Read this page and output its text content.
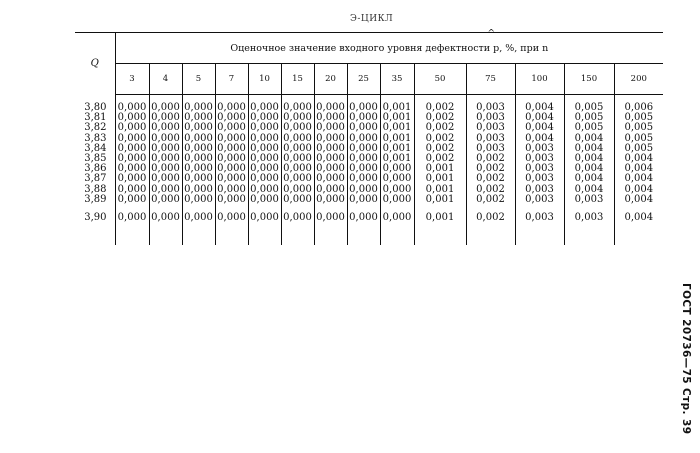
Э-ЦИКЛ
Q	^
Оценочное значение входного уровня дефектности p, %, при n													
	3	4	5	7	10	15	20	25	35	50	75	100	150	200

3,80	0,000	0,000	0,000	0,000	0,000	0,000	0,000	0,000	0,001	0,002	0,003	0,004	0,005	0,006
3,81	0,000	0,000	0,000	0,000	0,000	0,000	0,000	0,000	0,001	0,002	0,003	0,004	0,005	0,005
3,82	0,000	0,000	0,000	0,000	0,000	0,000	0,000	0,000	0,001	0,002	0,003	0,004	0,005	0,005
3,83	0,000	0,000	0,000	0,000	0,000	0,000	0,000	0,000	0,001	0,002	0,003	0,004	0,004	0,005
3,84	0,000	0,000	0,000	0,000	0,000	0,000	0,000	0,000	0,001	0,002	0,003	0,003	0,004	0,005
3,85	0,000	0,000	0,000	0,000	0,000	0,000	0,000	0,000	0,001	0,002	0,002	0,003	0,004	0,004
3,86	0,000	0,000	0,000	0,000	0,000	0,000	0,000	0,000	0,000	0,001	0,002	0,003	0,004	0,004
3,87	0,000	0,000	0,000	0,000	0,000	0,000	0,000	0,000	0,000	0,001	0,002	0,003	0,004	0,004
3,88	0,000	0,000	0,000	0,000	0,000	0,000	0,000	0,000	0,000	0,001	0,002	0,003	0,004	0,004
3,89	0,000	0,000	0,000	0,000	0,000	0,000	0,000	0,000	0,000	0,001	0,002	0,003	0,003	0,004

3,90	0,000	0,000	0,000	0,000	0,000	0,000	0,000	0,000	0,000	0,001	0,002	0,003	0,003	0,004

ГОСТ 20736—75 Стр. 39
